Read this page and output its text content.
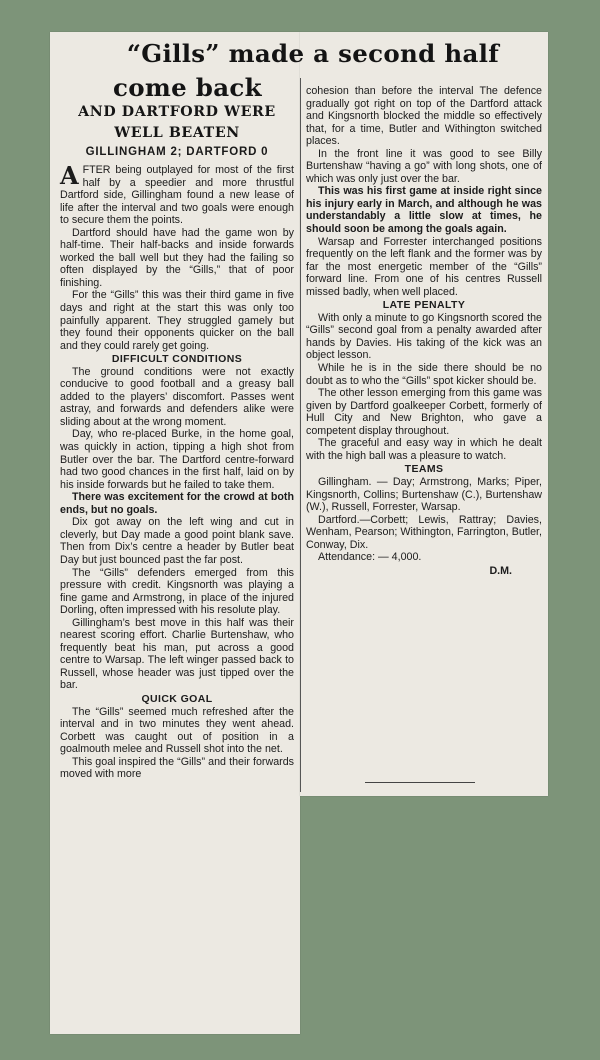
“Gills” made a second half
come back
AND DARTFORD WERE WELL BEATEN
GILLINGHAM 2; DARTFORD 0

AFTER being outplayed for most of the first half by a speedier and more thrustful Dartford side, Gillingham found a new lease of life after the interval and two goals were enough to secure them the points.

Dartford should have had the game won by half-time. Their half-backs and inside forwards worked the ball well but they had the failing so often displayed by the “Gills,” that of poor finishing.

For the “Gills” this was their third game in five days and right at the start this was only too painfully apparent. They struggled gamely but they found their opponents quicker on the ball and they could rarely get going.

DIFFICULT CONDITIONS

The ground conditions were not exactly conducive to good football and a greasy ball added to the players’ discomfort. Passes went astray, and forwards and defenders alike were sliding about at the wrong moment.

Day, who re-placed Burke, in the home goal, was quickly in action, tipping a high shot from Butler over the bar. The Dartford centre-forward had two good chances in the first half, laid on by his inside forwards but he failed to take them.

There was excitement for the crowd at both ends, but no goals.

Dix got away on the left wing and cut in cleverly, but Day made a good point blank save. Then from Dix’s centre a header by Butler beat Day but just bounced past the far post.

The “Gills” defenders emerged from this pressure with credit. Kingsnorth was playing a fine game and Armstrong, in place of the injured Dorling, often impressed with his resolute play.

Gillingham’s best move in this half was their nearest scoring effort. Charlie Burtenshaw, who frequently beat his man, put across a good centre to Warsap. The left winger passed back to Russell, whose header was just tipped over the bar.

QUICK GOAL

The “Gills” seemed much refreshed after the interval and in two minutes they went ahead. Corbett was caught out of position in a goalmouth melee and Russell shot into the net.

This goal inspired the “Gills” and their forwards moved with more

cohesion than before the interval The defence gradually got right on top of the Dartford attack and Kingsnorth blocked the middle so effectively that, for a time, Butler and Withington switched places.

In the front line it was good to see Billy Burtenshaw “having a go” with long shots, one of which was only just over the bar.

This was his first game at inside right since his injury early in March, and although he was understandably a little slow at times, he should soon be among the goals again.

Warsap and Forrester interchanged positions frequently on the left flank and the former was by far the most energetic member of the “Gills” forward line. From one of his centres Russell missed badly, when well placed.

LATE PENALTY

With only a minute to go Kingsnorth scored the “Gills” second goal from a penalty awarded after hands by Davies. His taking of the kick was an object lesson.

While he is in the side there should be no doubt as to who the “Gills” spot kicker should be.

The other lesson emerging from this game was given by Dartford goalkeeper Corbett, formerly of Hull City and New Brighton, who gave a competent display throughout.

The graceful and easy way in which he dealt with the high ball was a pleasure to watch.

TEAMS

Gillingham. — Day; Armstrong, Marks; Piper, Kingsnorth, Collins; Burtenshaw (C.), Burtenshaw (W.), Russell, Forrester, Warsap.

Dartford.—Corbett; Lewis, Rattray; Davies, Wenham, Pearson; Withington, Farrington, Butler, Conway, Dix.

Attendance: — 4,000.

D.M.
